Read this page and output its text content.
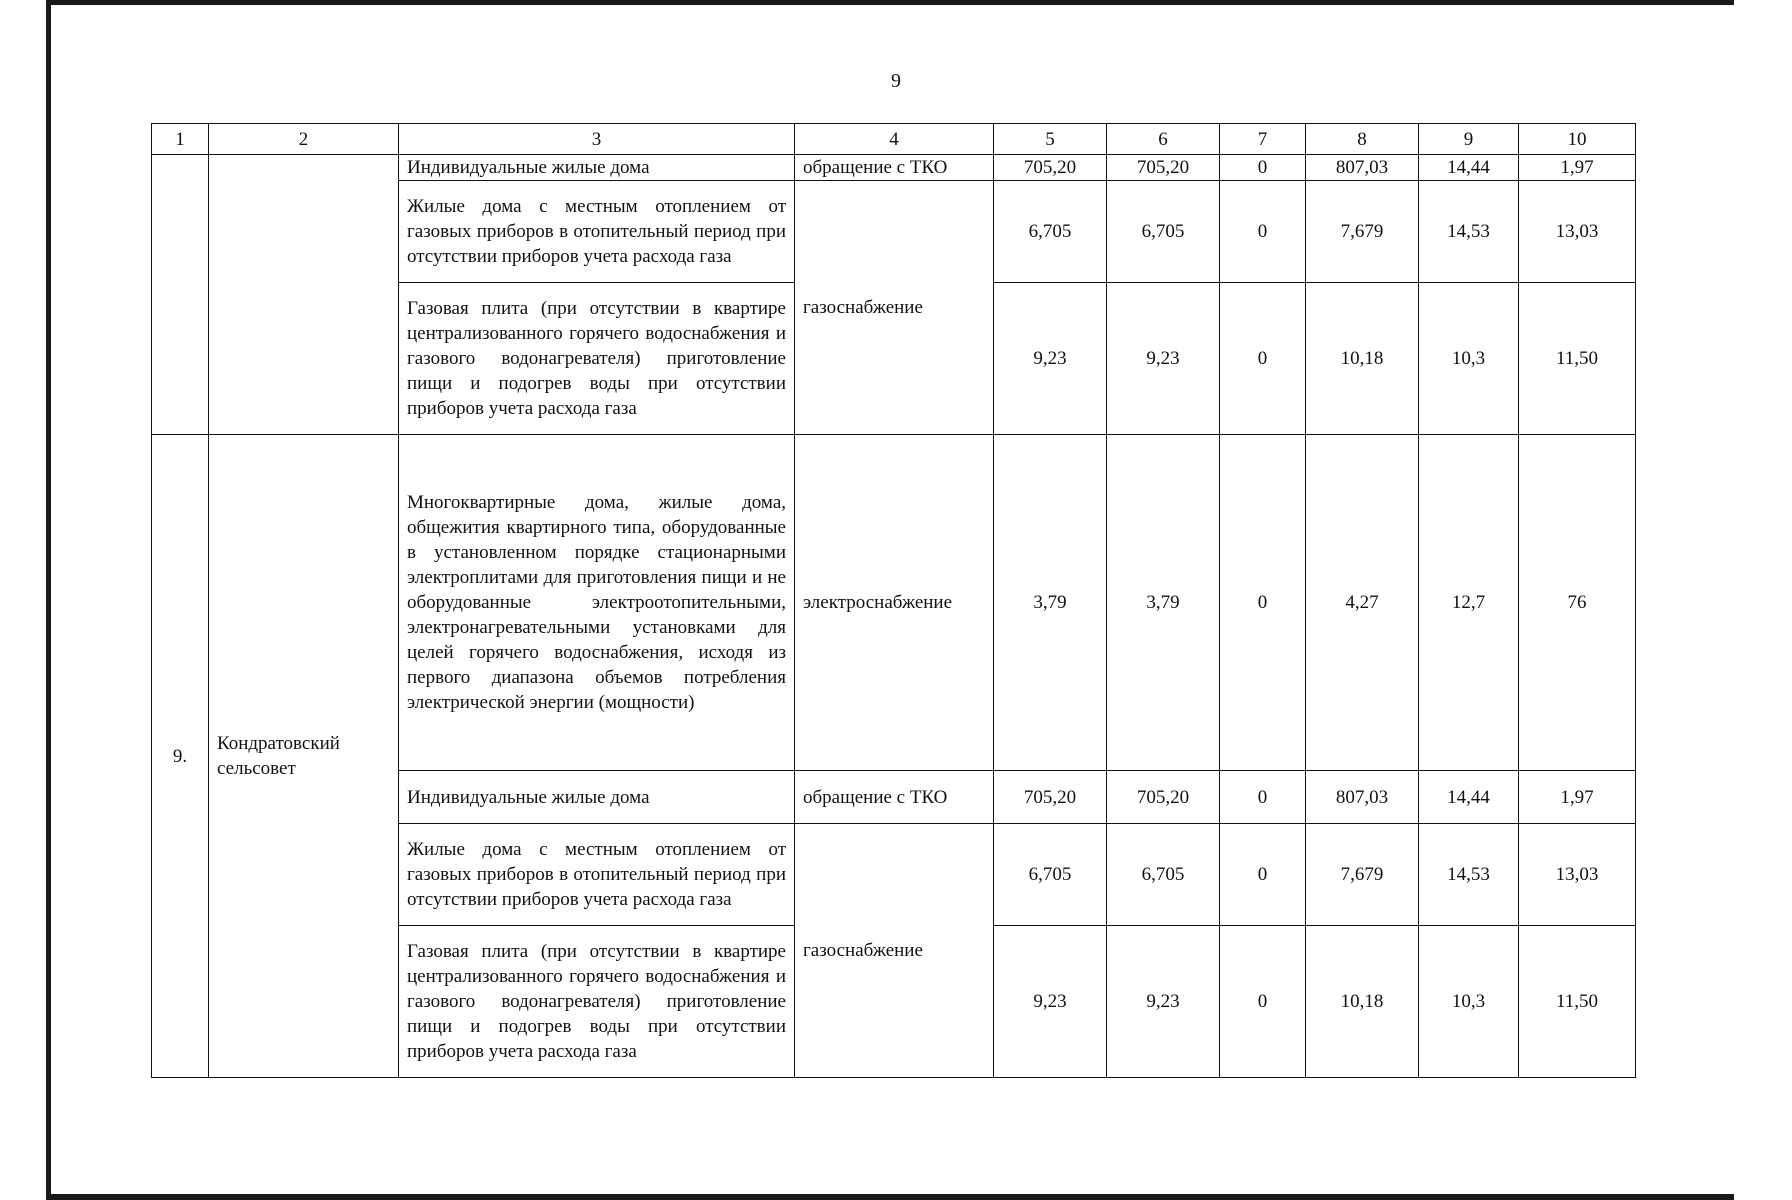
9
1	2	3	4	5	6	7	8	9	10
		Индивидуальные жилые дома	обращение с ТКО	705,20	705,20	0	807,03	14,44	1,97
		Жилые дома с местным отоплением от газовых приборов в отопительный период при отсутствии приборов учета расхода газа	газоснабжение	6,705	6,705	0	7,679	14,53	13,03
		Газовая плита (при отсутствии в квартире централизованного горячего водоснабжения и газового водонагревателя) приготовление пищи и подогрев воды при отсутствии приборов учета расхода газа		9,23	9,23	0	10,18	10,3	11,50
9.	Кондратовский сельсовет	Многоквартирные дома, жилые дома, общежития квартирного типа, оборудованные в установленном порядке стационарными электроплитами для приготовления пищи и не оборудованные электроотопительными, электронагревательными установками для целей горячего водоснабжения, исходя из первого диапазона объемов потребления электрической энергии (мощности)	электроснабжение	3,79	3,79	0	4,27	12,7	76
		Индивидуальные жилые дома	обращение с ТКО	705,20	705,20	0	807,03	14,44	1,97
		Жилые дома с местным отоплением от газовых приборов в отопительный период при отсутствии приборов учета расхода газа	газоснабжение	6,705	6,705	0	7,679	14,53	13,03
		Газовая плита (при отсутствии в квартире централизованного горячего водоснабжения и газового водонагревателя) приготовление пищи и подогрев воды при отсутствии приборов учета расхода газа		9,23	9,23	0	10,18	10,3	11,50
